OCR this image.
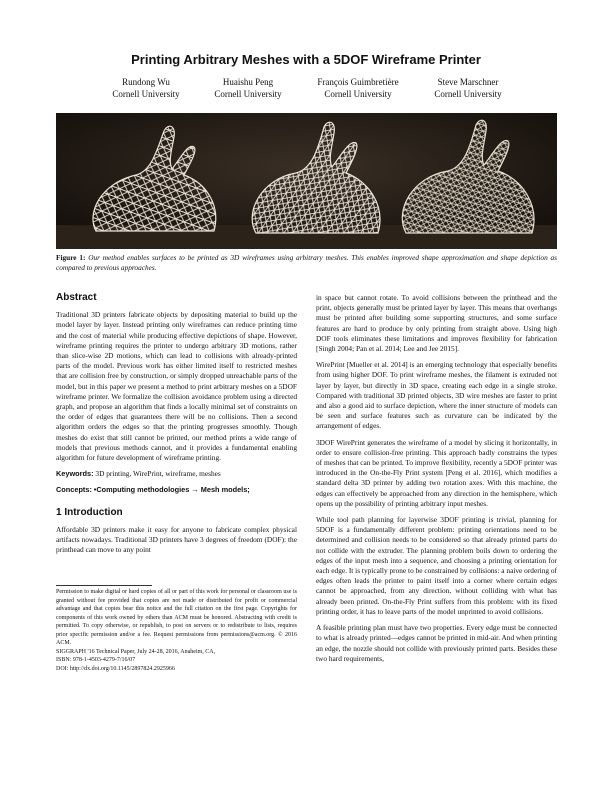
Printing Arbitrary Meshes with a 5DOF Wireframe Printer
Rundong Wu
Cornell University
Huaishu Peng
Cornell University
François Guimbretière
Cornell University
Steve Marschner
Cornell University
Figure 1: Our method enables surfaces to be printed as 3D wireframes using arbitrary meshes. This enables improved shape approximation and shape depiction as compared to previous approaches.
Abstract

Traditional 3D printers fabricate objects by depositing material to build up the model layer by layer. Instead printing only wireframes can reduce printing time and the cost of material while producing effective depictions of shape. However, wireframe printing requires the printer to undergo arbitrary 3D motions, rather than slice-wise 2D motions, which can lead to collisions with already-printed parts of the model. Previous work has either limited itself to restricted meshes that are collision free by construction, or simply dropped unreachable parts of the model, but in this paper we present a method to print arbitrary meshes on a 5DOF wireframe printer. We formalize the collision avoidance problem using a directed graph, and propose an algorithm that finds a locally minimal set of constraints on the order of edges that guarantees there will be no collisions. Then a second algorithm orders the edges so that the printing progresses smoothly. Though meshes do exist that still cannot be printed, our method prints a wide range of models that previous methods cannot, and it provides a fundamental enabling algorithm for future development of wireframe printing.

Keywords: 3D printing, WirePrint, wireframe, meshes

Concepts: •Computing methodologies → Mesh models;

1 Introduction

Affordable 3D printers make it easy for anyone to fabricate complex physical artifacts nowadays. Traditional 3D printers have 3 degrees of freedom (DOF): the printhead can move to any point

Permission to make digital or hard copies of all or part of this work for personal or classroom use is granted without fee provided that copies are not made or distributed for profit or commercial advantage and that copies bear this notice and the full citation on the first page. Copyrights for components of this work owned by others than ACM must be honored. Abstracting with credit is permitted. To copy otherwise, or republish, to post on servers or to redistribute to lists, requires prior specific permission and/or a fee. Request permissions from permissions@acm.org. © 2016 ACM.
SIGGRAPH '16 Technical Paper, July 24-28, 2016, Anaheim, CA,
ISBN: 978-1-4503-4279-7/16/07
DOI: http://dx.doi.org/10.1145/2897824.2925966

in space but cannot rotate. To avoid collisions between the printhead and the print, objects generally must be printed layer by layer. This means that overhangs must be printed after building some supporting structures, and some surface features are hard to produce by only printing from straight above. Using high DOF tools eliminates these limitations and improves flexibility for fabrication [Singh 2004; Pan et al. 2014; Lee and Jee 2015].

WirePrint [Mueller et al. 2014] is an emerging technology that especially benefits from using higher DOF. To print wireframe meshes, the filament is extruded not layer by layer, but directly in 3D space, creating each edge in a single stroke. Compared with traditional 3D printed objects, 3D wire meshes are faster to print and also a good aid to surface depiction, where the inner structure of models can be seen and surface features such as curvature can be indicated by the arrangement of edges.

3DOF WirePrint generates the wireframe of a model by slicing it horizontally, in order to ensure collision-free printing. This approach badly constrains the types of meshes that can be printed. To improve flexibility, recently a 5DOF printer was introduced in the On-the-Fly Print system [Peng et al. 2016], which modifies a standard delta 3D printer by adding two rotation axes. With this machine, the edges can effectively be approached from any direction in the hemisphere, which opens up the possibility of printing arbitrary input meshes.

While tool path planning for layerwise 3DOF printing is trivial, planning for 5DOF is a fundamentally different problem: printing orientations need to be determined and collision needs to be considered so that already printed parts do not collide with the extruder. The planning problem boils down to ordering the edges of the input mesh into a sequence, and choosing a printing orientation for each edge. It is typically prone to be constrained by collisions: a naive ordering of edges often leads the printer to paint itself into a corner where certain edges cannot be approached, from any direction, without colliding with what has already been printed. On-the-Fly Print suffers from this problem: with its fixed printing order, it has to leave parts of the model unprinted to avoid collisions.

A feasible printing plan must have two properties. Every edge must be connected to what is already printed—edges cannot be printed in mid-air. And when printing an edge, the nozzle should not collide with previously printed parts. Besides these two hard requirements,
